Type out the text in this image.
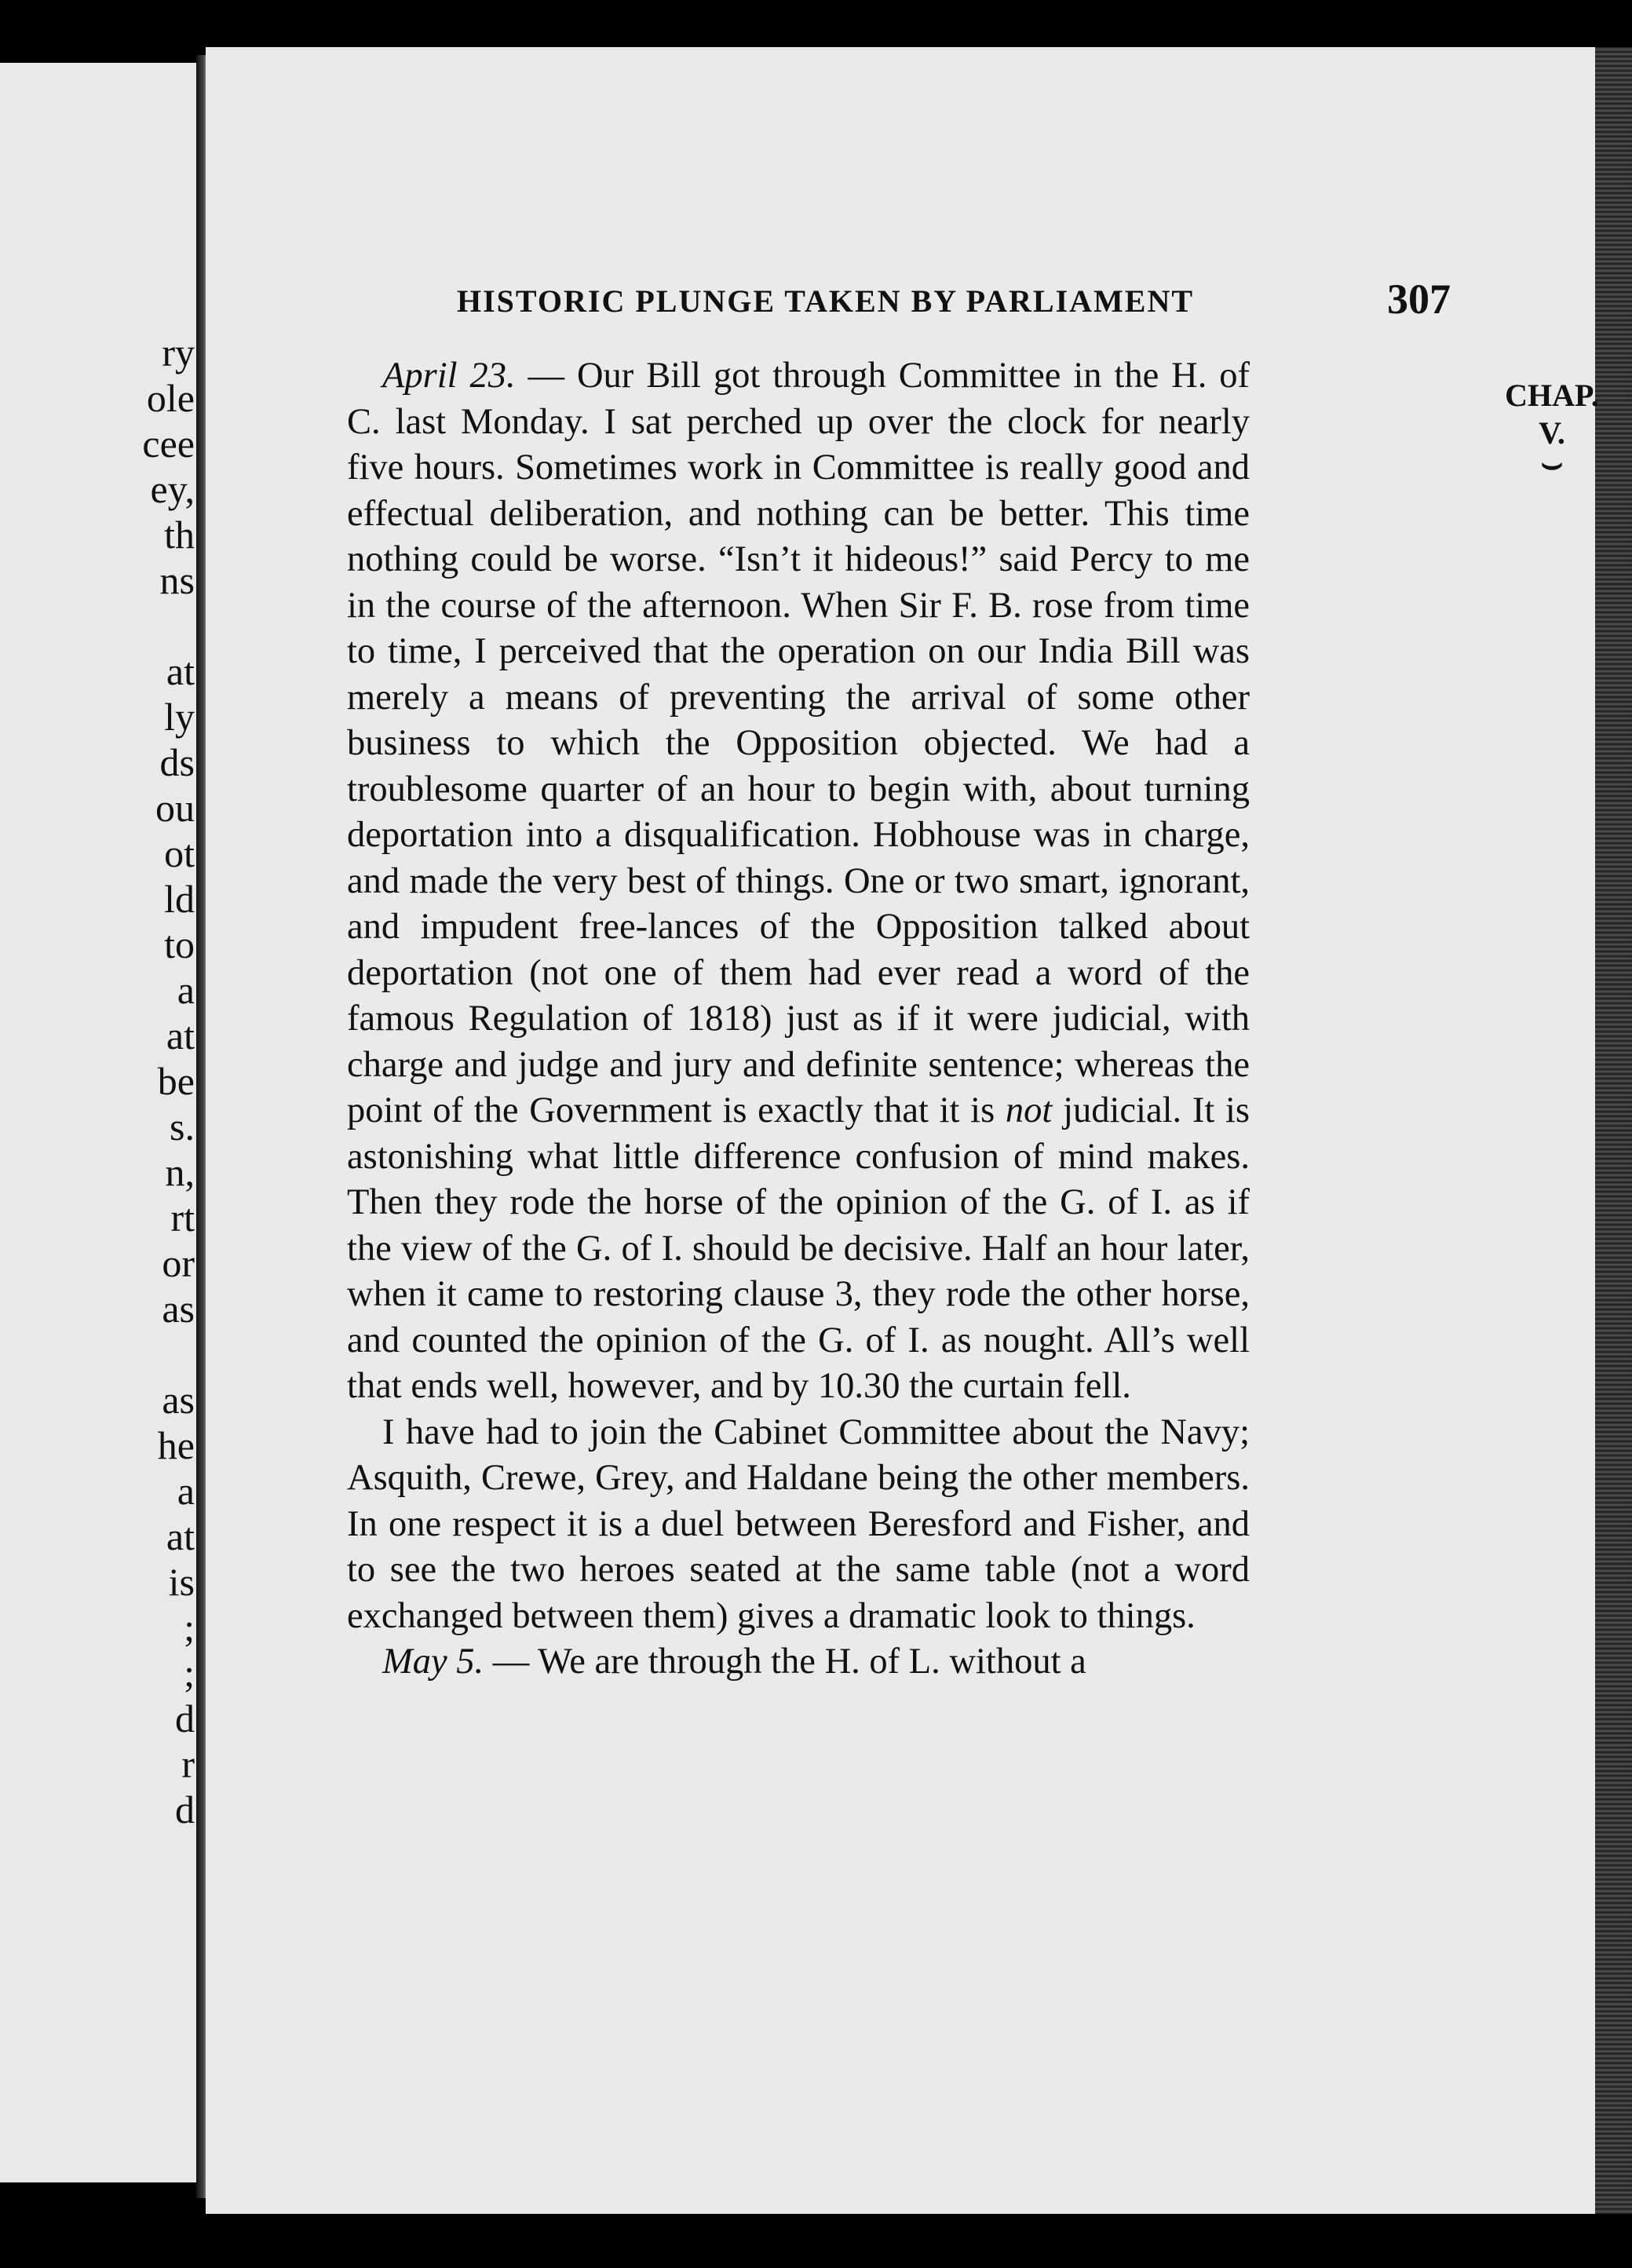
ry
ole
cee
ey,
th
ns

at
ly
ds
ou
ot
ld
to
a
at
be
s.
n,
rt
or
as

as
he
a
at
is
;
;
d
r
d
HISTORIC PLUNGE TAKEN BY PARLIAMENT	307
CHAP.
V.
⌣

April 23. — Our Bill got through Committee in the H. of C. last Monday. I sat perched up over the clock for nearly five hours. Sometimes work in Committee is really good and effectual deliberation, and nothing can be better. This time nothing could be worse. “Isn’t it hideous!” said Percy to me in the course of the afternoon. When Sir F. B. rose from time to time, I perceived that the operation on our India Bill was merely a means of preventing the arrival of some other business to which the Opposition objected. We had a troublesome quarter of an hour to begin with, about turning deportation into a disqualification. Hobhouse was in charge, and made the very best of things. One or two smart, ignorant, and impudent free-lances of the Opposition talked about deportation (not one of them had ever read a word of the famous Regulation of 1818) just as if it were judicial, with charge and judge and jury and definite sentence; whereas the point of the Government is exactly that it is not judicial. It is astonishing what little difference confusion of mind makes. Then they rode the horse of the opinion of the G. of I. as if the view of the G. of I. should be decisive. Half an hour later, when it came to restoring clause 3, they rode the other horse, and counted the opinion of the G. of I. as nought. All’s well that ends well, however, and by 10.30 the curtain fell.

I have had to join the Cabinet Committee about the Navy; Asquith, Crewe, Grey, and Haldane being the other members. In one respect it is a duel between Beresford and Fisher, and to see the two heroes seated at the same table (not a word exchanged between them) gives a dramatic look to things.

May 5. — We are through the H. of L. without a
